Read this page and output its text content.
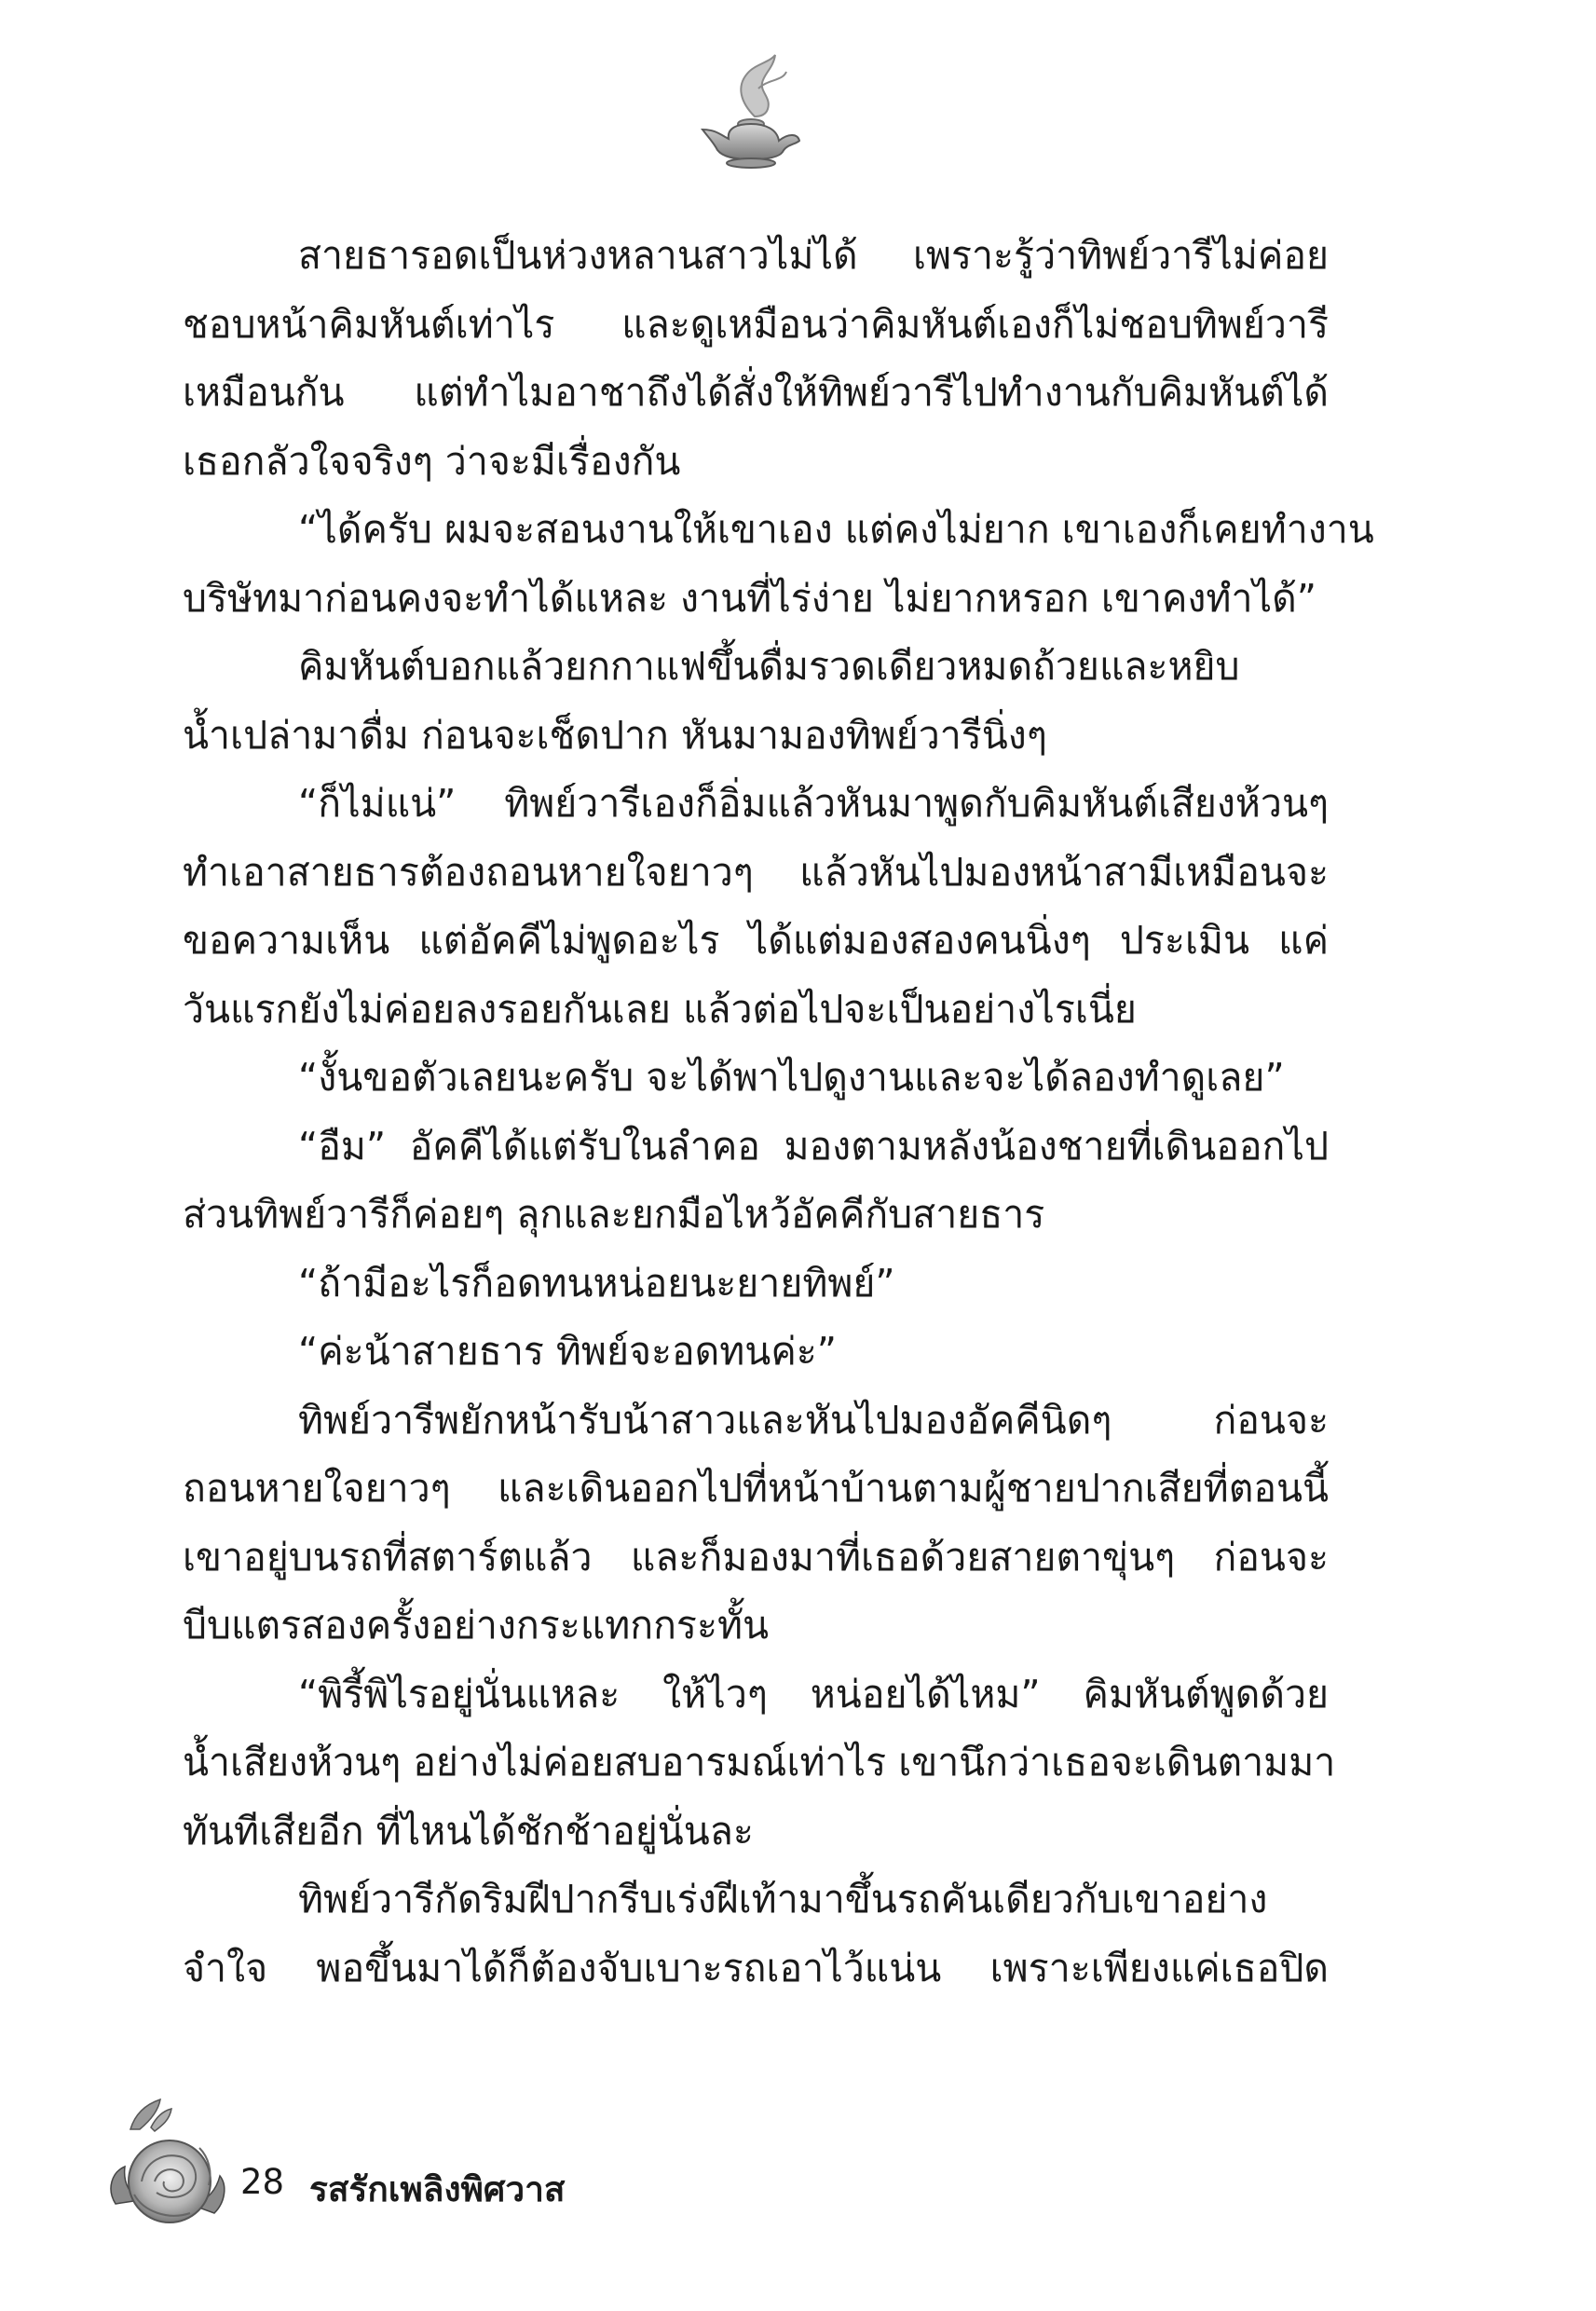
สายธารอดเป็นห่วงหลานสาวไม่ได้ เพราะรู้ว่าทิพย์วารีไม่ค่อย
ชอบหน้าคิมหันต์เท่าไร และดูเหมือนว่าคิมหันต์เองก็ไม่ชอบทิพย์วารี
เหมือนกัน แต่ทำไมอาชาถึงได้สั่งให้ทิพย์วารีไปทำงานกับคิมหันต์ได้
เธอกลัวใจจริงๆ ว่าจะมีเรื่องกัน
“ได้ครับ ผมจะสอนงานให้เขาเอง แต่คงไม่ยาก เขาเองก็เคยทำงาน
บริษัทมาก่อนคงจะทำได้แหละ งานที่ไร่ง่าย ไม่ยากหรอก เขาคงทำได้”
คิมหันต์บอกแล้วยกกาแฟขึ้นดื่มรวดเดียวหมดถ้วยและหยิบ
น้ำเปล่ามาดื่ม ก่อนจะเช็ดปาก หันมามองทิพย์วารีนิ่งๆ
“ก็ไม่แน่” ทิพย์วารีเองก็อิ่มแล้วหันมาพูดกับคิมหันต์เสียงห้วนๆ
ทำเอาสายธารต้องถอนหายใจยาวๆ แล้วหันไปมองหน้าสามีเหมือนจะ
ขอความเห็น แต่อัคคีไม่พูดอะไร ได้แต่มองสองคนนิ่งๆ ประเมิน แค่
วันแรกยังไม่ค่อยลงรอยกันเลย แล้วต่อไปจะเป็นอย่างไรเนี่ย
“งั้นขอตัวเลยนะครับ จะได้พาไปดูงานและจะได้ลองทำดูเลย”
“อืม” อัคคีได้แต่รับในลำคอ มองตามหลังน้องชายที่เดินออกไป
ส่วนทิพย์วารีก็ค่อยๆ ลุกและยกมือไหว้อัคคีกับสายธาร
“ถ้ามีอะไรก็อดทนหน่อยนะยายทิพย์”
“ค่ะน้าสายธาร ทิพย์จะอดทนค่ะ”
ทิพย์วารีพยักหน้ารับน้าสาวและหันไปมองอัคคีนิดๆ ก่อนจะ
ถอนหายใจยาวๆ และเดินออกไปที่หน้าบ้านตามผู้ชายปากเสียที่ตอนนี้
เขาอยู่บนรถที่สตาร์ตแล้ว และก็มองมาที่เธอด้วยสายตาขุ่นๆ ก่อนจะ
บีบแตรสองครั้งอย่างกระแทกกระทั้น
“พิรี้พิไรอยู่นั่นแหละ ให้ไวๆ หน่อยได้ไหม” คิมหันต์พูดด้วย
น้ำเสียงห้วนๆ อย่างไม่ค่อยสบอารมณ์เท่าไร เขานึกว่าเธอจะเดินตามมา
ทันทีเสียอีก ที่ไหนได้ชักช้าอยู่นั่นละ
ทิพย์วารีกัดริมฝีปากรีบเร่งฝีเท้ามาขึ้นรถคันเดียวกับเขาอย่าง
จำใจ พอขึ้นมาได้ก็ต้องจับเบาะรถเอาไว้แน่น เพราะเพียงแค่เธอปิด
28 รสรักเพลิงพิศวาส
